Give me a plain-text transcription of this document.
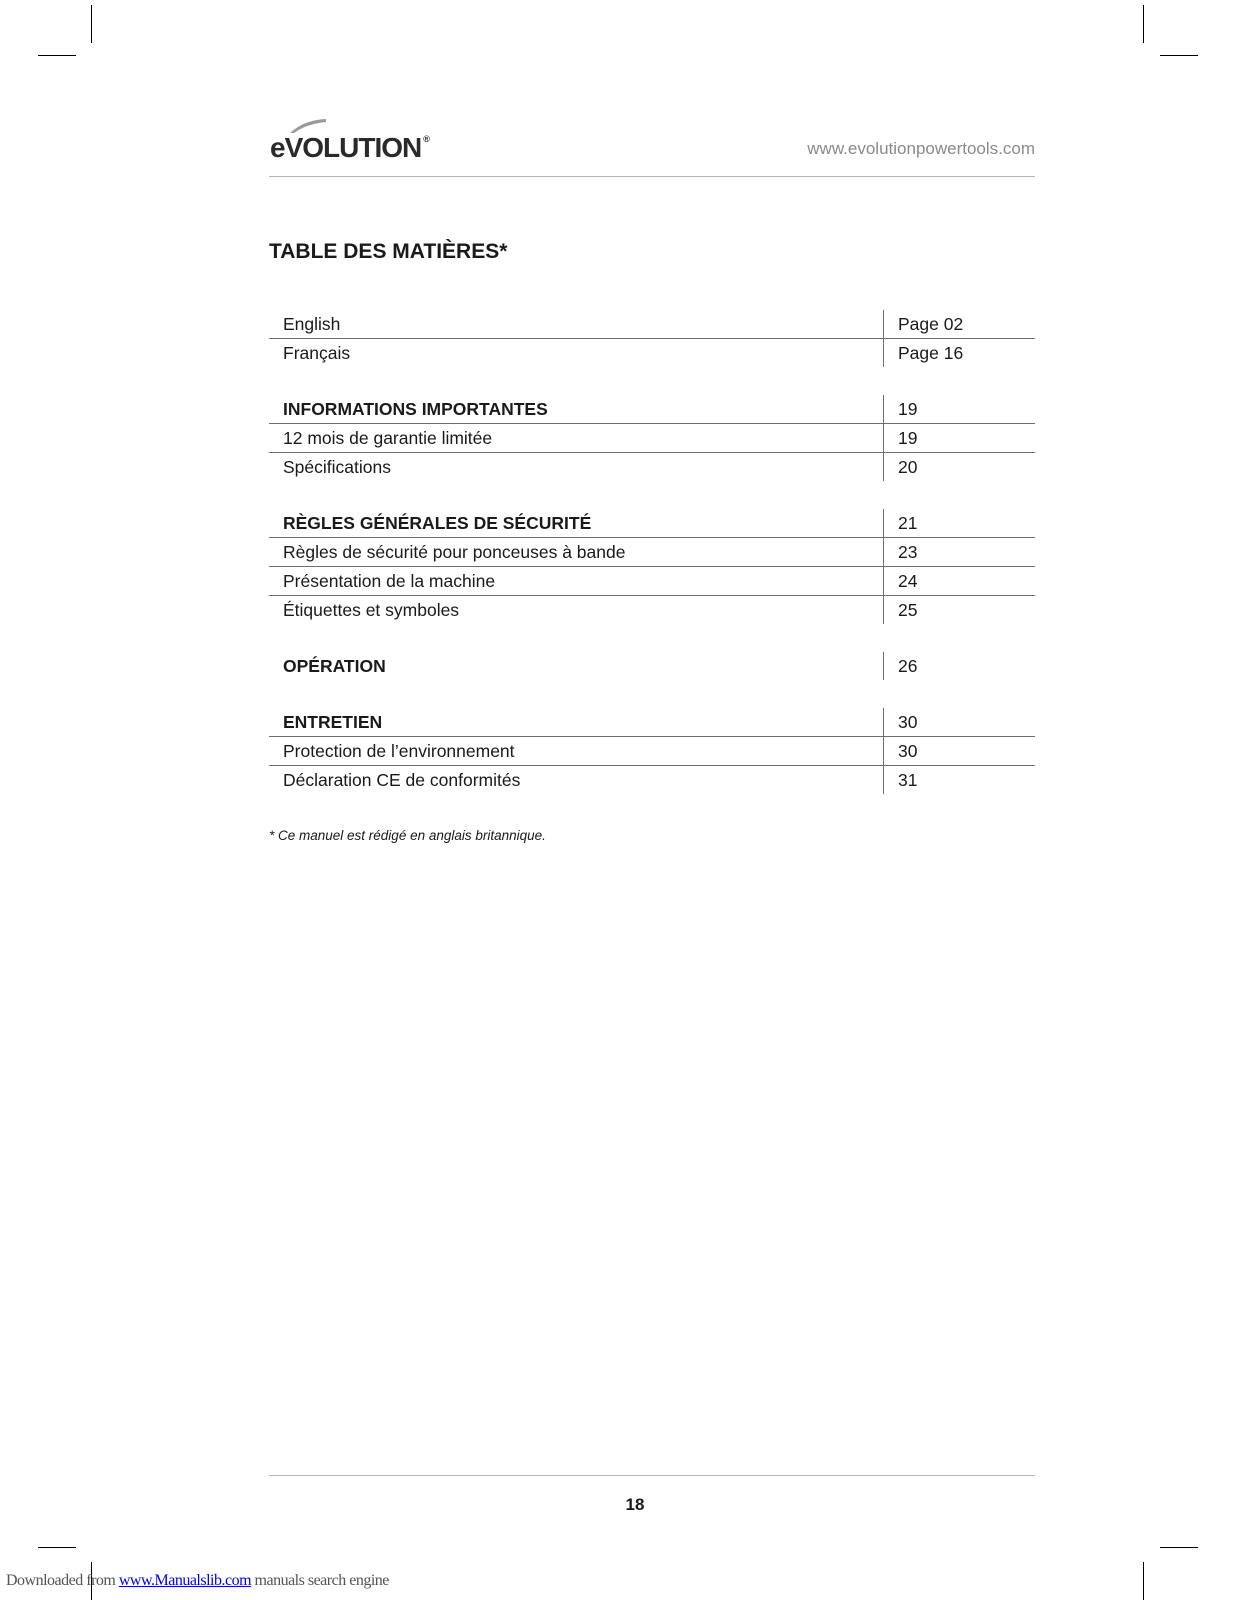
eVOLUTION ®	www.evolutionpowertools.com
TABLE DES MATIÈRES*
English	Page 02
Français	Page 16
INFORMATIONS IMPORTANTES	19
12 mois de garantie limitée	19
Spécifications	20
RÈGLES GÉNÉRALES DE SÉCURITÉ	21
Règles de sécurité pour ponceuses à bande	23
Présentation de la machine	24
Étiquettes et symboles	25
OPÉRATION	26
ENTRETIEN	30
Protection de l’environnement	30
Déclaration CE de conformités	31
* Ce manuel est rédigé en anglais britannique.
18
Downloaded from www.Manualslib.com manuals search engine
